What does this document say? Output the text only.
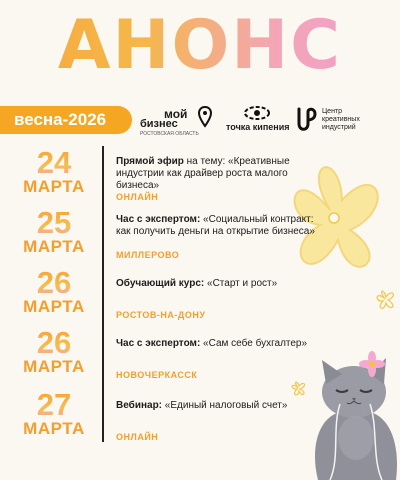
АНОНС
весна-2026	мой
бизнес
РОСТОВСКАЯ ОБЛАСТЬ
точка кипения
Центр
креативных
индустрий
24
МАРТА
Прямой эфир на тему: «Креативные индустрии как драйвер роста малого бизнеса»
ОНЛАЙН
25
МАРТА
Час с экспертом: «Социальный контракт: как получить деньги на открытие бизнеса»
МИЛЛЕРОВО
26
МАРТА
Обучающий курс: «Старт и рост»
РОСТОВ-НА-ДОНУ
26
МАРТА
Час с экспертом: «Сам себе бухгалтер»
НОВОЧЕРКАССК
27
МАРТА
Вебинар: «Единый налоговый счет»
ОНЛАЙН
